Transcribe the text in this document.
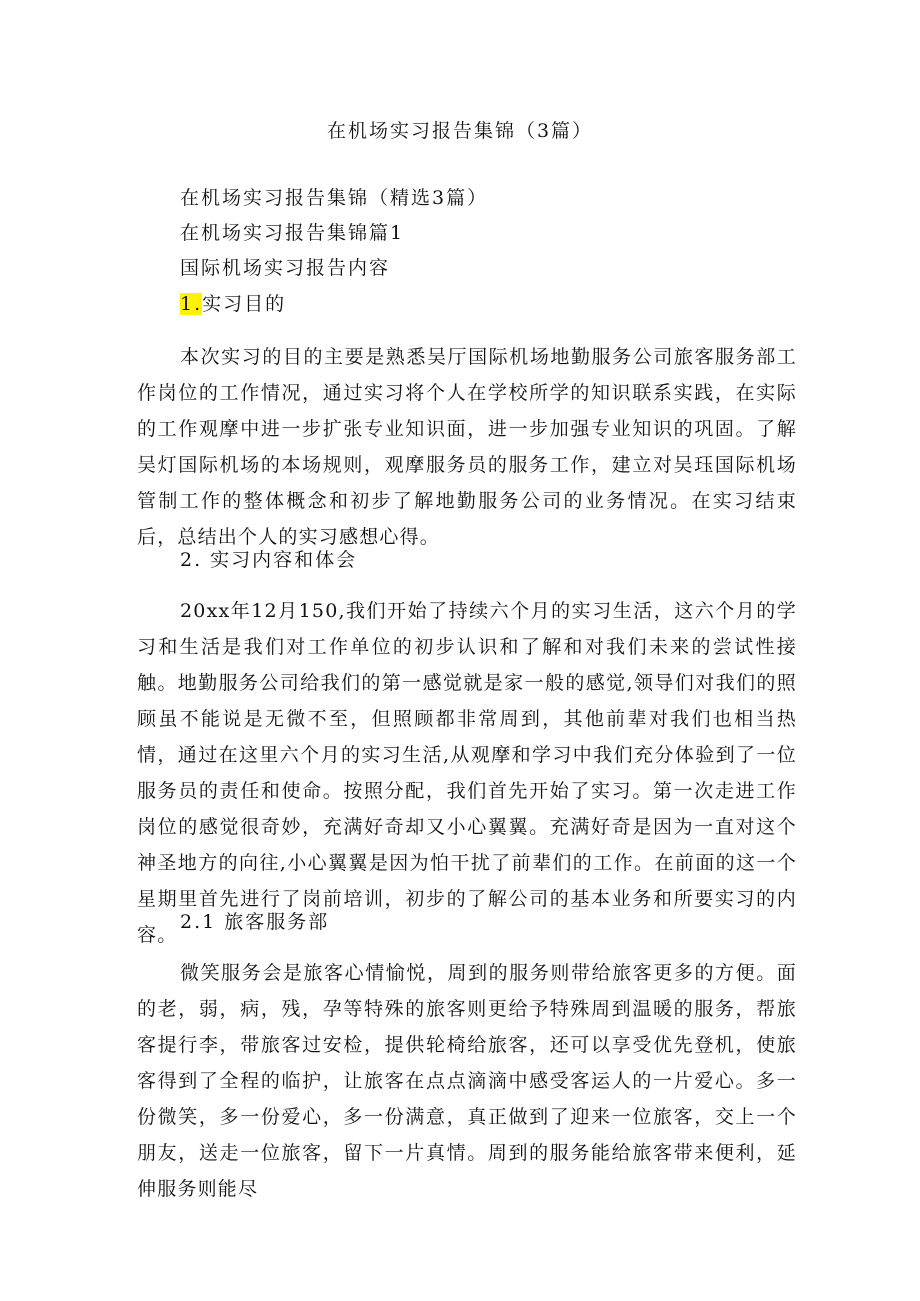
在机场实习报告集锦（3篇）
在机场实习报告集锦（精选3篇）
在机场实习报告集锦篇1
国际机场实习报告内容
1.实习目的
本次实习的目的主要是熟悉吴厅国际机场地勤服务公司旅客服务部工作岗位的工作情况，通过实习将个人在学校所学的知识联系实践，在实际的工作观摩中进一步扩张专业知识面，进一步加强专业知识的巩固。了解吴灯国际机场的本场规则，观摩服务员的服务工作，建立对吴珏国际机场管制工作的整体概念和初步了解地勤服务公司的业务情况。在实习结束后，总结出个人的实习感想心得。
2. 实习内容和体会
20xx年12月150,我们开始了持续六个月的实习生活，这六个月的学习和生活是我们对工作单位的初步认识和了解和对我们未来的尝试性接触。地勤服务公司给我们的第一感觉就是家一般的感觉,领导们对我们的照顾虽不能说是无微不至，但照顾都非常周到，其他前辈对我们也相当热情，通过在这里六个月的实习生活,从观摩和学习中我们充分体验到了一位服务员的责任和使命。按照分配，我们首先开始了实习。第一次走进工作岗位的感觉很奇妙，充满好奇却又小心翼翼。充满好奇是因为一直对这个神圣地方的向往,小心翼翼是因为怕干扰了前辈们的工作。在前面的这一个星期里首先进行了岗前培训，初步的了解公司的基本业务和所要实习的内容。
2.1 旅客服务部
微笑服务会是旅客心情愉悦，周到的服务则带给旅客更多的方便。面的老，弱，病，残，孕等特殊的旅客则更给予特殊周到温暖的服务，帮旅客提行李，带旅客过安检，提供轮椅给旅客，还可以享受优先登机，使旅客得到了全程的临护，让旅客在点点滴滴中感受客运人的一片爱心。多一份微笑，多一份爱心，多一份满意，真正做到了迎来一位旅客，交上一个朋友，送走一位旅客，留下一片真情。周到的服务能给旅客带来便利，延伸服务则能尽
